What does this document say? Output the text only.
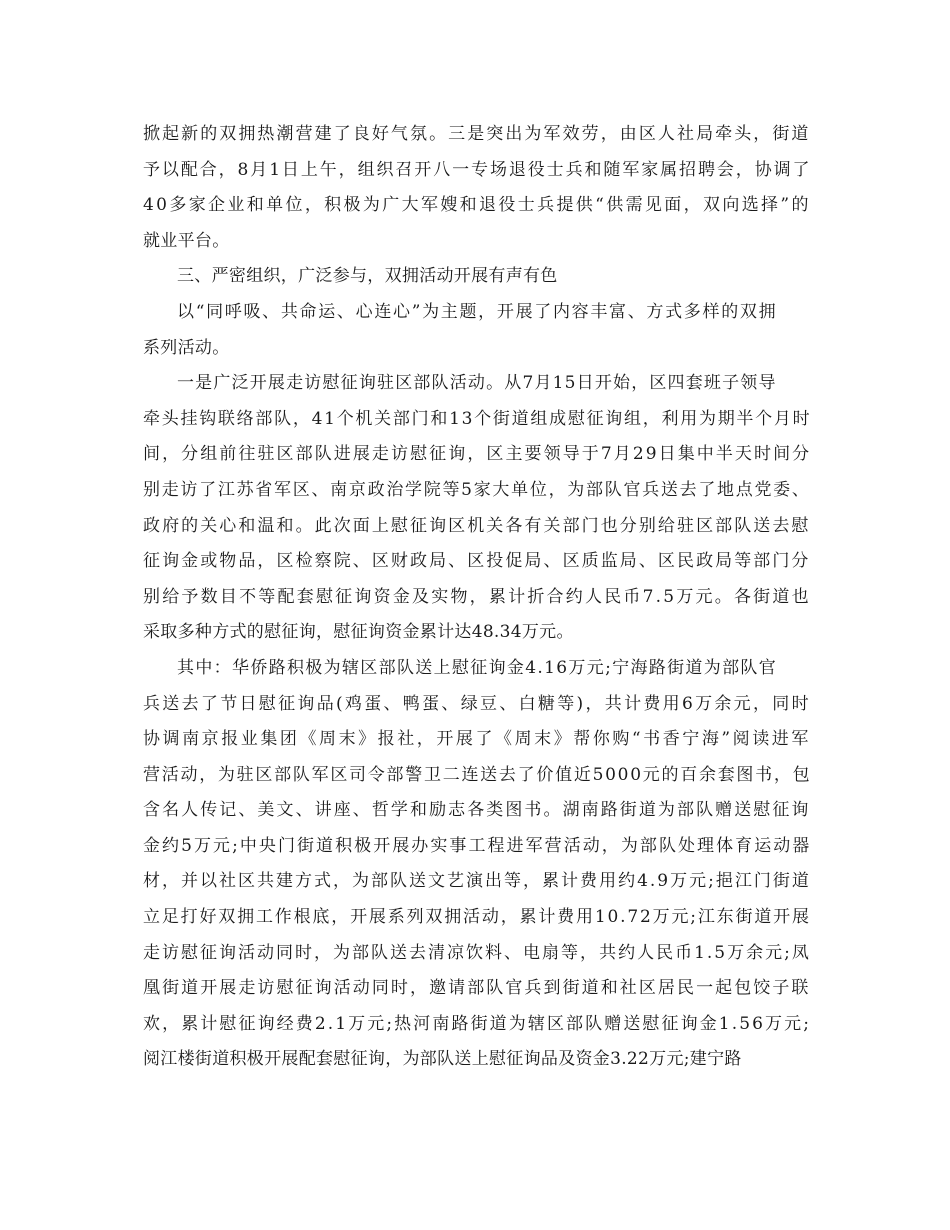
掀起新的双拥热潮营建了良好气氛。三是突出为军效劳，由区人社局牵头，街道
予以配合，8月1日上午，组织召开八一专场退役士兵和随军家属招聘会，协调了
40多家企业和单位，积极为广大军嫂和退役士兵提供“供需见面，双向选择”的
就业平台。
三、严密组织，广泛参与，双拥活动开展有声有色
以“同呼吸、共命运、心连心”为主题，开展了内容丰富、方式多样的双拥
系列活动。
一是广泛开展走访慰征询驻区部队活动。从7月15日开始，区四套班子领导
牵头挂钩联络部队，41个机关部门和13个街道组成慰征询组，利用为期半个月时
间，分组前往驻区部队进展走访慰征询，区主要领导于7月29日集中半天时间分
别走访了江苏省军区、南京政治学院等5家大单位，为部队官兵送去了地点党委、
政府的关心和温和。此次面上慰征询区机关各有关部门也分别给驻区部队送去慰
征询金或物品，区检察院、区财政局、区投促局、区质监局、区民政局等部门分
别给予数目不等配套慰征询资金及实物，累计折合约人民币7.5万元。各街道也
采取多种方式的慰征询，慰征询资金累计达48.34万元。
其中：华侨路积极为辖区部队送上慰征询金4.16万元;宁海路街道为部队官
兵送去了节日慰征询品(鸡蛋、鸭蛋、绿豆、白糖等)，共计费用6万余元，同时
协调南京报业集团《周末》报社，开展了《周末》帮你购“书香宁海”阅读进军
营活动，为驻区部队军区司令部警卫二连送去了价值近5000元的百余套图书，包
含名人传记、美文、讲座、哲学和励志各类图书。湖南路街道为部队赠送慰征询
金约5万元;中央门街道积极开展办实事工程进军营活动，为部队处理体育运动器
材，并以社区共建方式，为部队送文艺演出等，累计费用约4.9万元;挹江门街道
立足打好双拥工作根底，开展系列双拥活动，累计费用10.72万元;江东街道开展
走访慰征询活动同时，为部队送去清凉饮料、电扇等，共约人民币1.5万余元;凤
凰街道开展走访慰征询活动同时，邀请部队官兵到街道和社区居民一起包饺子联
欢，累计慰征询经费2.1万元;热河南路街道为辖区部队赠送慰征询金1.56万元;
阅江楼街道积极开展配套慰征询，为部队送上慰征询品及资金3.22万元;建宁路
